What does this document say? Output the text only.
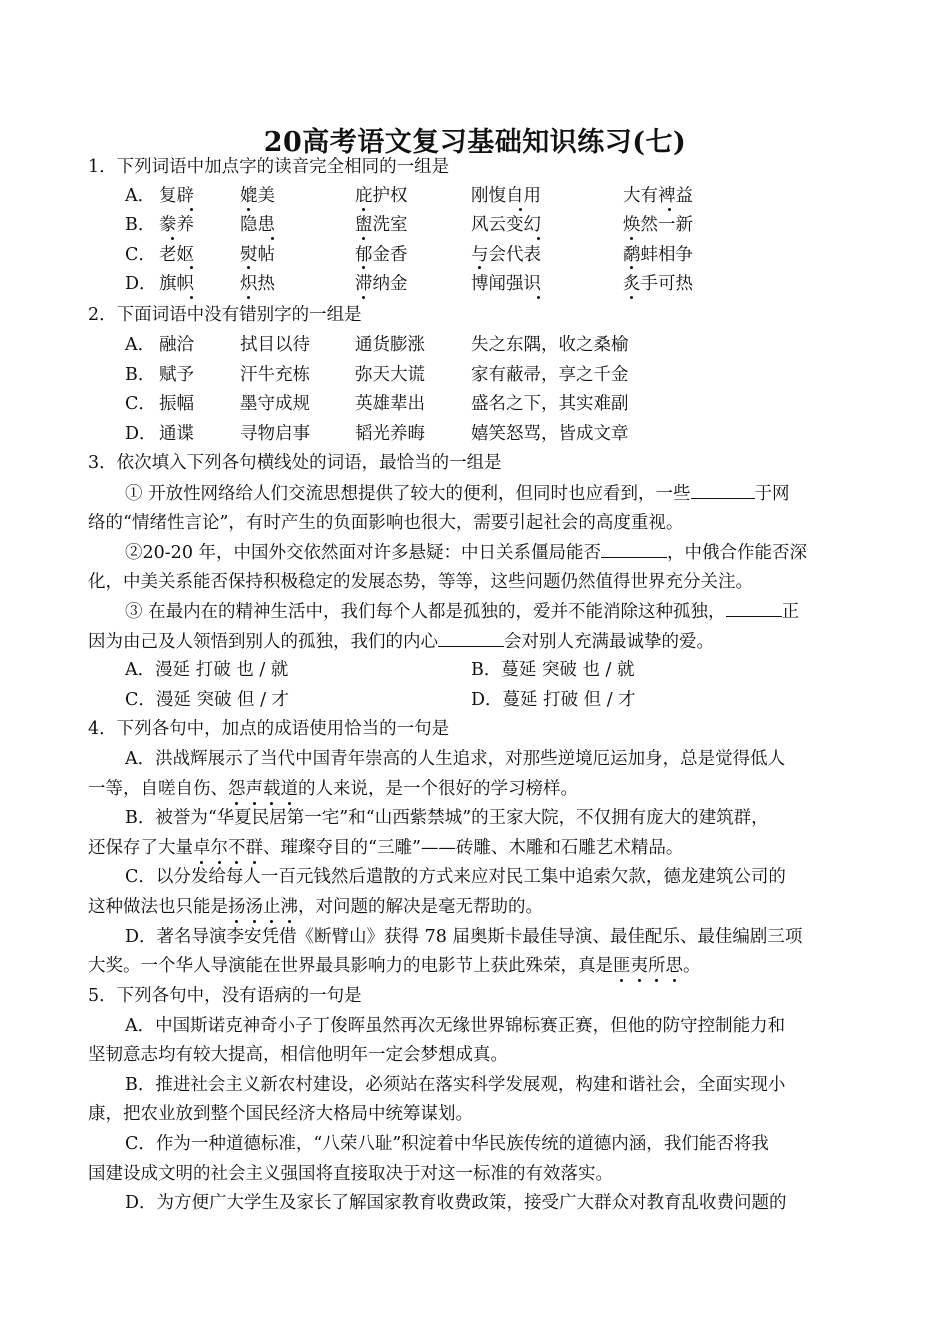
20高考语文复习基础知识练习(七)
1．下列词语中加点字的读音完全相同的一组是
A． 复辟	媲美	庇护权	刚愎自用	大有裨益
B． 豢养	隐患	盥洗室	风云变幻	焕然一新
C． 老妪	熨帖	郁金香	与会代表	鹬蚌相争
D． 旗帜	炽热	滞纳金	博闻强识	炙手可热
2．下面词语中没有错别字的一组是
A． 融洽	拭目以待	通货膨涨	失之东隅，收之桑榆
B． 赋予	汗牛充栋	弥天大谎	家有蔽帚，享之千金
C． 振幅	墨守成规	英雄辈出	盛名之下，其实难副
D． 通谍	寻物启事	韬光养晦	嬉笑怒骂，皆成文章
3．依次填入下列各句横线处的词语，最恰当的一组是
① 开放性网络给人们交流思想提供了较大的便利，但同时也应看到，一些	于网
络的“情绪性言论”，有时产生的负面影响也很大，需要引起社会的高度重视。
②20-20 年，中国外交依然面对许多悬疑：中日关系僵局能否	，中俄合作能否深
化，中美关系能否保持积极稳定的发展态势，等等，这些问题仍然值得世界充分关注。
③ 在最内在的精神生活中，我们每个人都是孤独的，爱并不能消除这种孤独，	正
因为由己及人领悟到别人的孤独，我们的内心	会对别人充满最诚挚的爱。
A．漫延 打破 也 / 就	B．蔓延 突破 也 / 就
C．漫延 突破 但 / 才	D．蔓延 打破 但 / 才
4．下列各句中，加点的成语使用恰当的一句是
A．洪战辉展示了当代中国青年崇高的人生追求，对那些逆境厄运加身，总是觉得低人
一等，自嗟自伤、怨声载道的人来说，是一个很好的学习榜样。
B．被誉为“华夏民居第一宅”和“山西紫禁城”的王家大院，不仅拥有庞大的建筑群，
还保存了大量卓尔不群、璀璨夺目的“三雕”——砖雕、木雕和石雕艺术精品。
C．以分发给每人一百元钱然后遣散的方式来应对民工集中追索欠款，德龙建筑公司的
这种做法也只能是扬汤止沸，对问题的解决是毫无帮助的。
D．著名导演李安凭借《断臂山》获得 78 届奥斯卡最佳导演、最佳配乐、最佳编剧三项
大奖。一个华人导演能在世界最具影响力的电影节上获此殊荣，真是匪夷所思。
5．下列各句中，没有语病的一句是
A．中国斯诺克神奇小子丁俊晖虽然再次无缘世界锦标赛正赛，但他的防守控制能力和
坚韧意志均有较大提高，相信他明年一定会梦想成真。
B．推进社会主义新农村建设，必须站在落实科学发展观，构建和谐社会，全面实现小
康，把农业放到整个国民经济大格局中统筹谋划。
C．作为一种道德标准，“八荣八耻”积淀着中华民族传统的道德内涵，我们能否将我
国建设成文明的社会主义强国将直接取决于对这一标准的有效落实。
D．为方便广大学生及家长了解国家教育收费政策，接受广大群众对教育乱收费问题的
